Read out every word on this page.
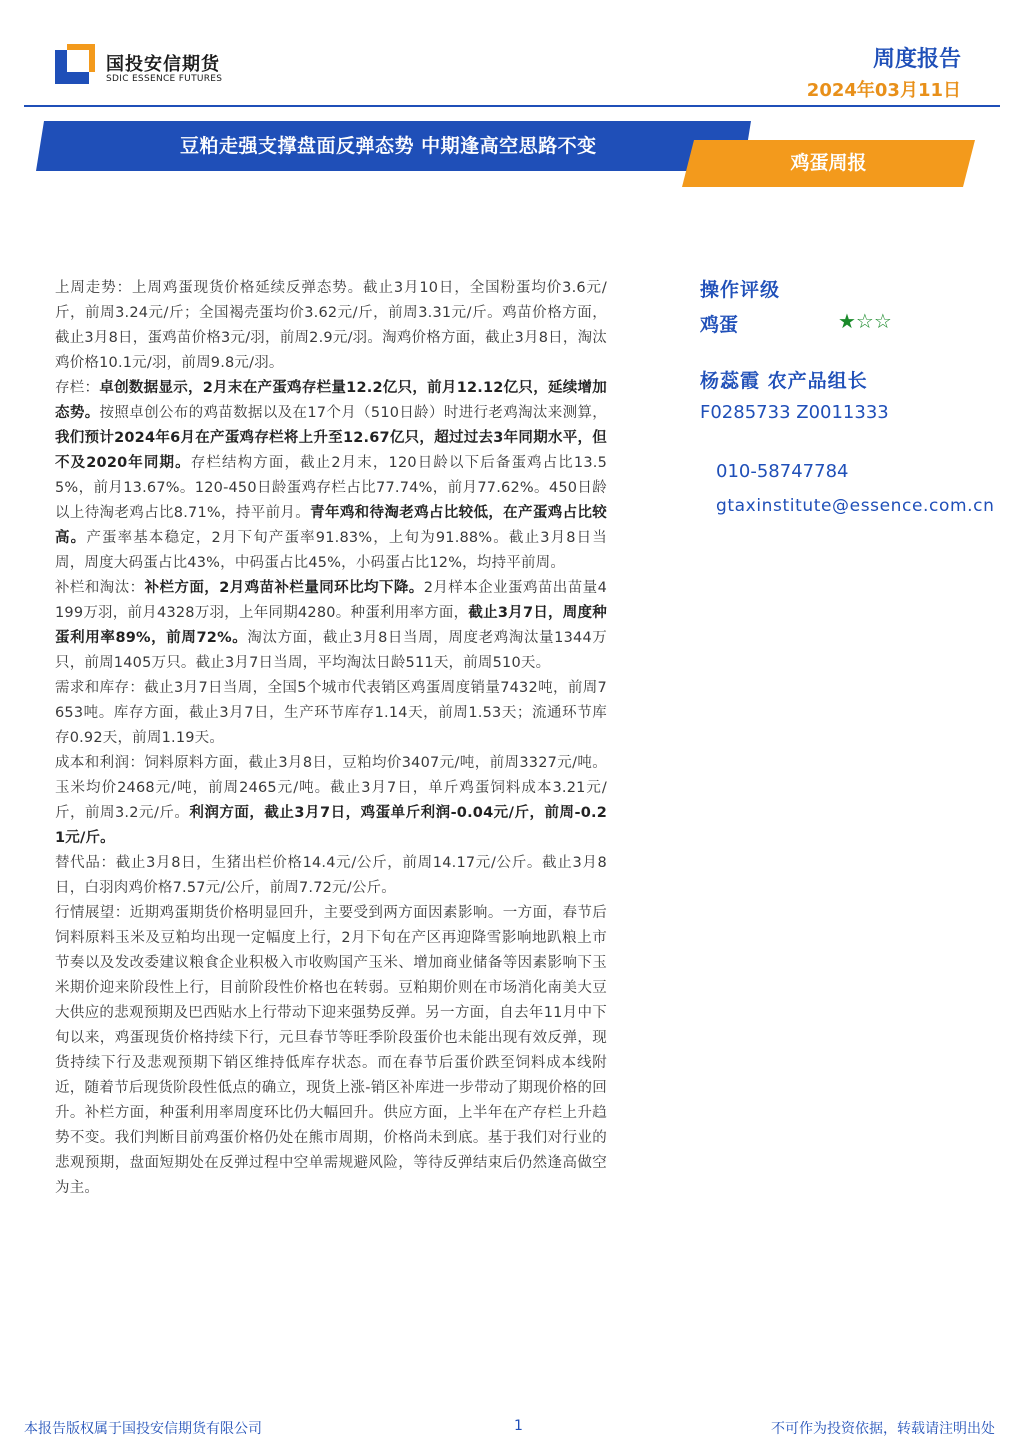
国投安信期货
SDIC ESSENCE FUTURES
周度报告
2024年03月11日
豆粕走强支撑盘面反弹态势 中期逢高空思路不变
鸡蛋周报

上周走势：上周鸡蛋现货价格延续反弹态势。截止3月10日，全国粉蛋均价3.6元/斤，前周3.24元/斤；全国褐壳蛋均价3.62元/斤，前周3.31元/斤。鸡苗价格方面，截止3月8日，蛋鸡苗价格3元/羽，前周2.9元/羽。淘鸡价格方面，截止3月8日，淘汰鸡价格10.1元/羽，前周9.8元/羽。

存栏：卓创数据显示，2月末在产蛋鸡存栏量12.2亿只，前月12.12亿只，延续增加态势。按照卓创公布的鸡苗数据以及在17个月（510日龄）时进行老鸡淘汰来测算，我们预计2024年6月在产蛋鸡存栏将上升至12.67亿只，超过过去3年同期水平，但不及2020年同期。存栏结构方面，截止2月末，120日龄以下后备蛋鸡占比13.55%，前月13.67%。120-450日龄蛋鸡存栏占比77.74%，前月77.62%。450日龄以上待淘老鸡占比8.71%，持平前月。青年鸡和待淘老鸡占比较低，在产蛋鸡占比较高。产蛋率基本稳定，2月下旬产蛋率91.83%，上旬为91.88%。截止3月8日当周，周度大码蛋占比43%，中码蛋占比45%，小码蛋占比12%，均持平前周。

补栏和淘汰：补栏方面，2月鸡苗补栏量同环比均下降。2月样本企业蛋鸡苗出苗量4199万羽，前月4328万羽，上年同期4280。种蛋利用率方面，截止3月7日，周度种蛋利用率89%，前周72%。淘汰方面，截止3月8日当周，周度老鸡淘汰量1344万只，前周1405万只。截止3月7日当周，平均淘汰日龄511天，前周510天。

需求和库存：截止3月7日当周，全国5个城市代表销区鸡蛋周度销量7432吨，前周7653吨。库存方面，截止3月7日，生产环节库存1.14天，前周1.53天；流通环节库存0.92天，前周1.19天。

成本和利润：饲料原料方面，截止3月8日，豆粕均价3407元/吨，前周3327元/吨。玉米均价2468元/吨，前周2465元/吨。截止3月7日，单斤鸡蛋饲料成本3.21元/斤，前周3.2元/斤。利润方面，截止3月7日，鸡蛋单斤利润-0.04元/斤，前周-0.21元/斤。

替代品：截止3月8日，生猪出栏价格14.4元/公斤，前周14.17元/公斤。截止3月8日，白羽肉鸡价格7.57元/公斤，前周7.72元/公斤。

行情展望：近期鸡蛋期货价格明显回升，主要受到两方面因素影响。一方面，春节后饲料原料玉米及豆粕均出现一定幅度上行，2月下旬在产区再迎降雪影响地趴粮上市节奏以及发改委建议粮食企业积极入市收购国产玉米、增加商业储备等因素影响下玉米期价迎来阶段性上行，目前阶段性价格也在转弱。豆粕期价则在市场消化南美大豆大供应的悲观预期及巴西贴水上行带动下迎来强势反弹。另一方面，自去年11月中下旬以来，鸡蛋现货价格持续下行，元旦春节等旺季阶段蛋价也未能出现有效反弹，现货持续下行及悲观预期下销区维持低库存状态。而在春节后蛋价跌至饲料成本线附近，随着节后现货阶段性低点的确立，现货上涨-销区补库进一步带动了期现价格的回升。补栏方面，种蛋利用率周度环比仍大幅回升。供应方面，上半年在产存栏上升趋势不变。我们判断目前鸡蛋价格仍处在熊市周期，价格尚未到底。基于我们对行业的悲观预期，盘面短期处在反弹过程中空单需规避风险，等待反弹结束后仍然逢高做空为主。

操作评级
鸡蛋	★☆☆
杨蕊霞 农产品组长
F0285733 Z0011333
010-58747784
gtaxinstitute@essence.com.cn
本报告版权属于国投安信期货有限公司	1	不可作为投资依据，转载请注明出处
